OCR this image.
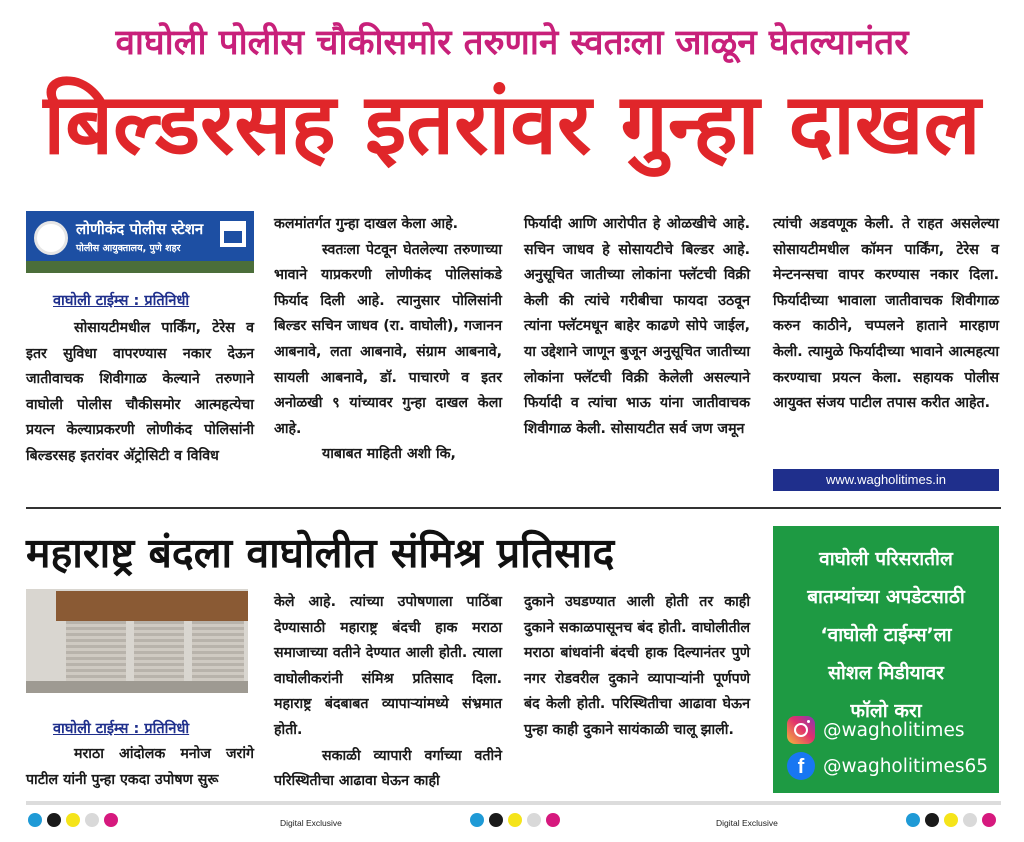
वाघोली पोलीस चौकीसमोर तरुणाने स्वतःला जाळून घेतल्यानंतर
बिल्डरसह इतरांवर गुन्हा दाखल
लोणीकंद पोलीस स्टेशन
पोलीस आयुक्तालय, पुणे शहर
वाघोली टाईम्स : प्रतिनिधी

सोसायटीमधील पार्किंग, टेरेस व इतर सुविधा वापरण्यास नकार देऊन जातीवाचक शिवीगाळ केल्याने तरुणाने वाघोली पोलीस चौकीसमोर आत्महत्येचा प्रयत्न केल्याप्रकरणी लोणीकंद पोलिसांनी बिल्डरसह इतरांवर अ‍ॅट्रोसिटी व विविध

कलमांतर्गत गुन्हा दाखल केला आहे.

स्वतःला पेटवून घेतलेल्या तरुणाच्या भावाने याप्रकरणी लोणीकंद पोलिसांकडे फिर्याद दिली आहे. त्यानुसार पोलिसांनी बिल्डर सचिन जाधव (रा. वाघोली), गजानन आबनावे, लता आबनावे, संग्राम आबनावे, सायली आबनावे, डॉ. पाचारणे व इतर अनोळखी ९ यांच्यावर गुन्हा दाखल केला आहे.

याबाबत माहिती अशी कि,

फिर्यादी आणि आरोपीत हे ओळखीचे आहे. सचिन जाधव हे सोसायटीचे बिल्डर आहे. अनुसूचित जातीच्या लोकांना फ्लॅटची विक्री केली की त्यांचे गरीबीचा फायदा उठवून त्यांना फ्लॅटमधून बाहेर काढणे सोपे जाईल, या उद्देशाने जाणून बुजून अनुसूचित जातीच्या लोकांना फ्लॅटची विक्री केलेली असल्याने फिर्यादी व त्यांचा भाऊ यांना जातीवाचक शिवीगाळ केली. सोसायटीत सर्व जण जमून

त्यांची अडवणूक केली. ते राहत असलेल्या सोसायटीमधील कॉमन पार्किंग, टेरेस व मेन्टनन्सचा वापर करण्यास नकार दिला. फिर्यादीच्या भावाला जातीवाचक शिवीगाळ करुन काठीने, चप्पलने हाताने मारहाण केली. त्यामुळे फिर्यादीच्या भावाने आत्महत्या करण्याचा प्रयत्न केला. सहायक पोलीस आयुक्त संजय पाटील तपास करीत आहेत.

www.wagholitimes.in
महाराष्ट्र बंदला वाघोलीत संमिश्र प्रतिसाद
वाघोली टाईम्स : प्रतिनिधी

मराठा आंदोलक मनोज जरांगे पाटील यांनी पुन्हा एकदा उपोषण सुरू

केले आहे. त्यांच्या उपोषणाला पाठिंबा देण्यासाठी महाराष्ट्र बंदची हाक मराठा समाजाच्या वतीने देण्यात आली होती. त्याला वाघोलीकरांनी संमिश्र प्रतिसाद दिला. महाराष्ट्र बंदबाबत व्यापाऱ्यांमध्ये संभ्रमात होती.

सकाळी व्यापारी वर्गाच्या वतीने परिस्थितीचा आढावा घेऊन काही

दुकाने उघडण्यात आली होती तर काही दुकाने सकाळपासूनच बंद होती. वाघोलीतील मराठा बांधवांनी बंदची हाक दिल्यानंतर पुणे नगर रोडवरील दुकाने व्यापाऱ्यांनी पूर्णपणे बंद केली होती. परिस्थितीचा आढावा घेऊन पुन्हा काही दुकाने सायंकाळी चालू झाली.

वाघोली परिसरातील
बातम्यांच्या अपडेटसाठी
‘वाघोली टाईम्स’ला
सोशल मिडीयावर
फॉलो करा
@wagholitimes
f	@wagholitimes65
Digital Exclusive	Digital Exclusive
